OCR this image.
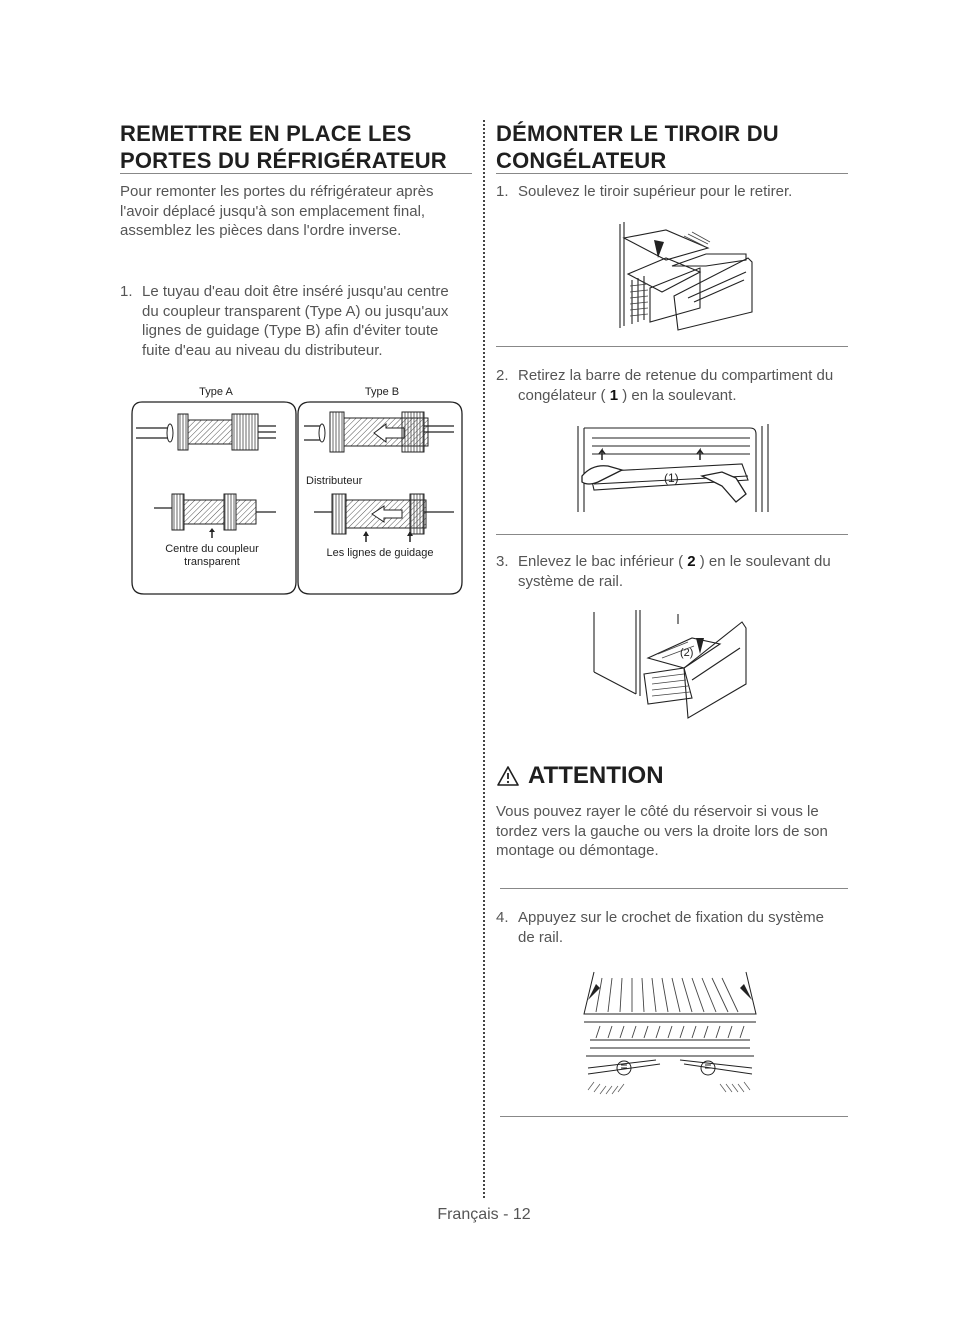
REMETTRE EN PLACE LES
PORTES DU RÉFRIGÉRATEUR
Pour remonter les portes du réfrigérateur après
l'avoir déplacé jusqu'à son emplacement final,
assemblez les pièces dans l'ordre inverse.
1. Le tuyau d'eau doit être inséré jusqu'au centre
du coupleur transparent (Type A) ou jusqu'aux
lignes de guidage (Type B) afin d'éviter toute
fuite d'eau au niveau du distributeur.
Type A	Type B
Centre du coupleur
transparent
Distributeur
Les lignes de guidage
DÉMONTER LE TIROIR DU
CONGÉLATEUR
1. Soulevez le tiroir supérieur pour le retirer.
2. Retirez la barre de retenue du compartiment du
congélateur ( 1 ) en la soulevant.
(1)
3. Enlevez le bac inférieur ( 2 ) en le soulevant du
système de rail.
(2)
ATTENTION
Vous pouvez rayer le côté du réservoir si vous le
tordez vers la gauche ou vers la droite lors de son
montage ou démontage.
4. Appuyez sur le crochet de fixation du système
de rail.
Français - 12
